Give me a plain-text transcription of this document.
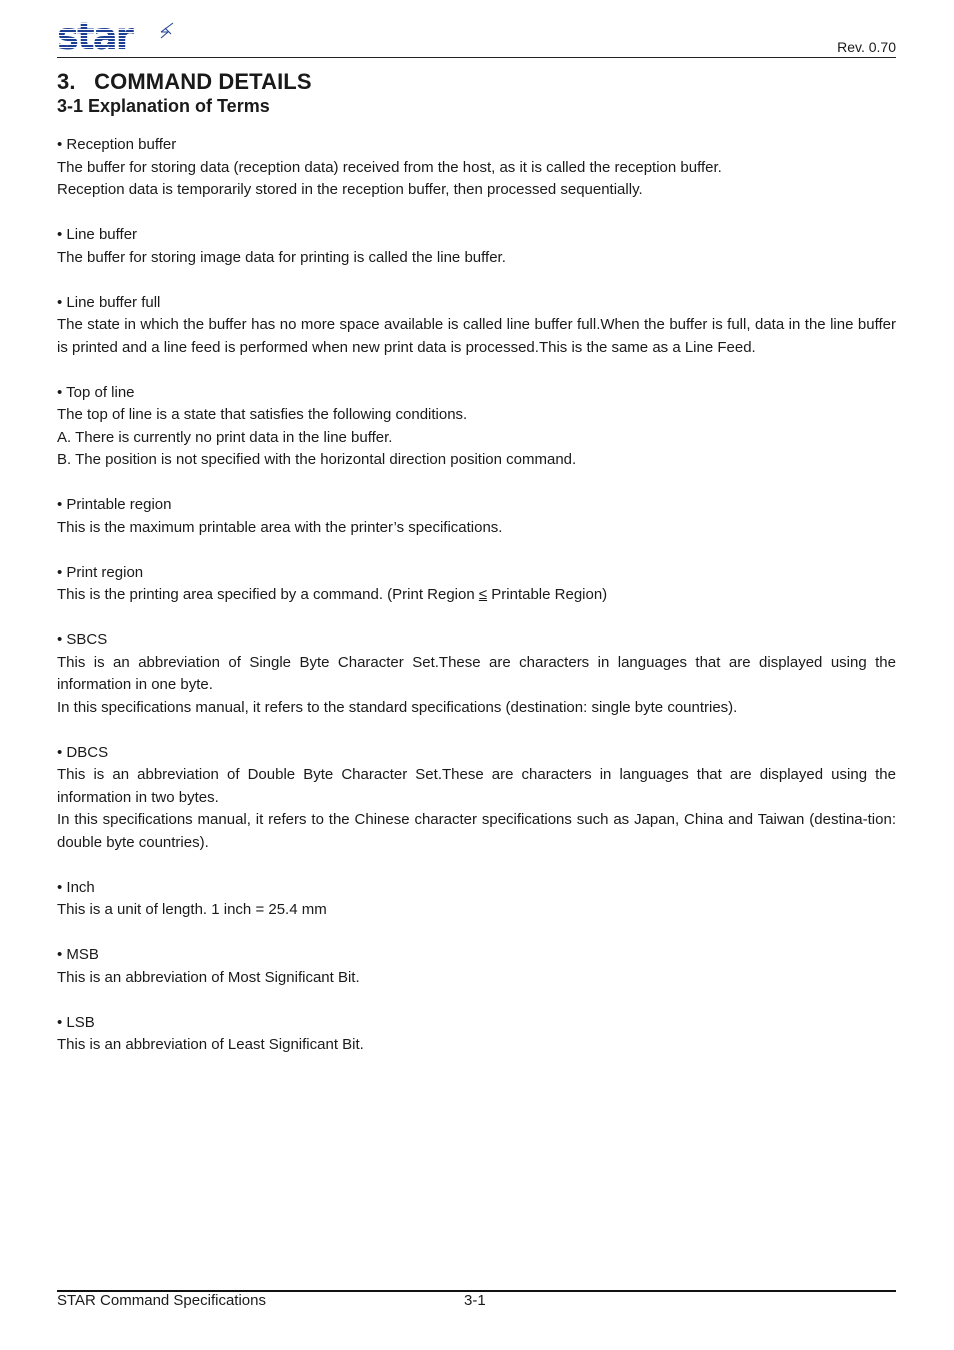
star	Rev. 0.70
3.   COMMAND DETAILS
3-1 Explanation of Terms

• Reception buffer

The buffer for storing data (reception data) received from the host, as it is called the reception buffer.

Reception data is temporarily stored in the reception buffer, then processed sequentially.

• Line buffer

The buffer for storing image data for printing is called the line buffer.

• Line buffer full

The state in which the buffer has no more space available is called line buffer full.When the buffer is full, data in the line buffer is printed and a line feed is performed when new print data is processed.This is the same as a Line Feed.

• Top of line

The top of line is a state that satisfies the following conditions.

A. There is currently no print data in the line buffer.

B. The position is not specified with the horizontal direction position command.

• Printable region

This is the maximum printable area with the printer’s specifications.

• Print region

This is the printing area specified by a command. (Print Region ≤ Printable Region)

• SBCS

This is an abbreviation of Single Byte Character Set.These are characters in languages that are displayed using the information in one byte.

In this specifications manual, it refers to the standard specifications (destination: single byte countries).

• DBCS

This is an abbreviation of Double Byte Character Set.These are characters in languages that are displayed using the information in two bytes.

In this specifications manual, it refers to the Chinese character specifications such as Japan, China and Taiwan (destina-tion: double byte countries).

• Inch

This is a unit of length. 1 inch = 25.4 mm

• MSB

This is an abbreviation of Most Significant Bit.

• LSB

This is an abbreviation of Least Significant Bit.

STAR Command Specifications	3-1
